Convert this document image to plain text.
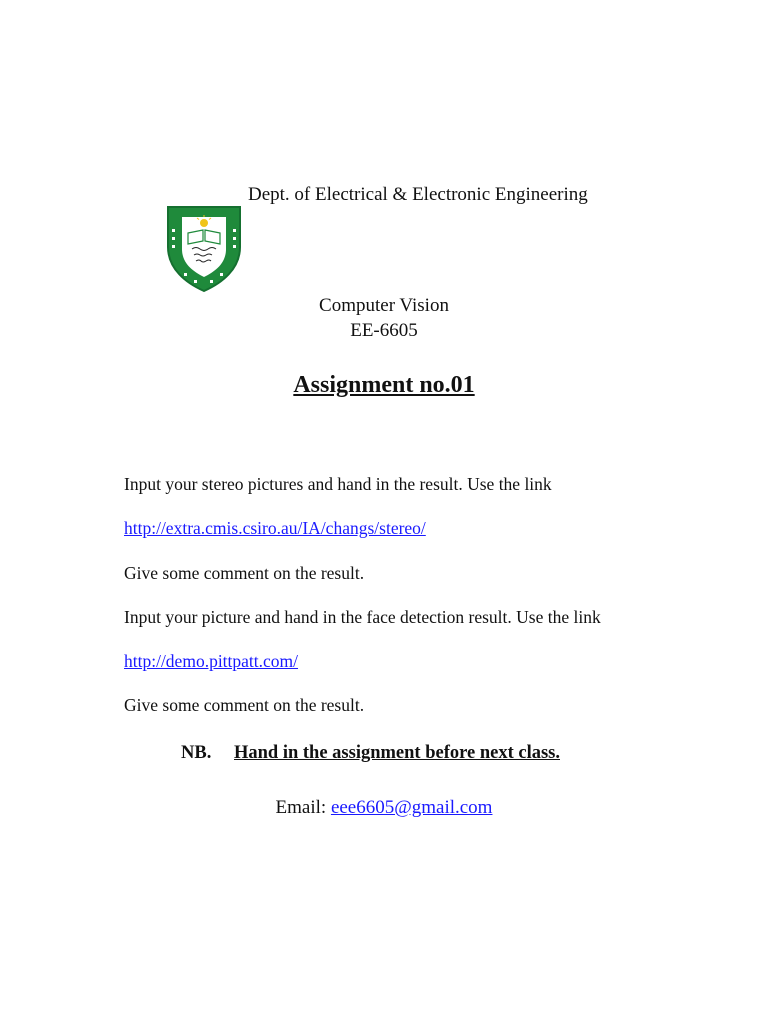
Dept. of Electrical & Electronic Engineering
Computer Vision
EE-6605
Assignment no.01
Input your stereo pictures and hand in the result. Use the link
http://extra.cmis.csiro.au/IA/changs/stereo/
Give some comment on the result.
Input your picture and hand in the face detection result. Use the link
http://demo.pittpatt.com/
Give some comment on the result.
NB. Hand in the assignment before next class.
Email: eee6605@gmail.com
